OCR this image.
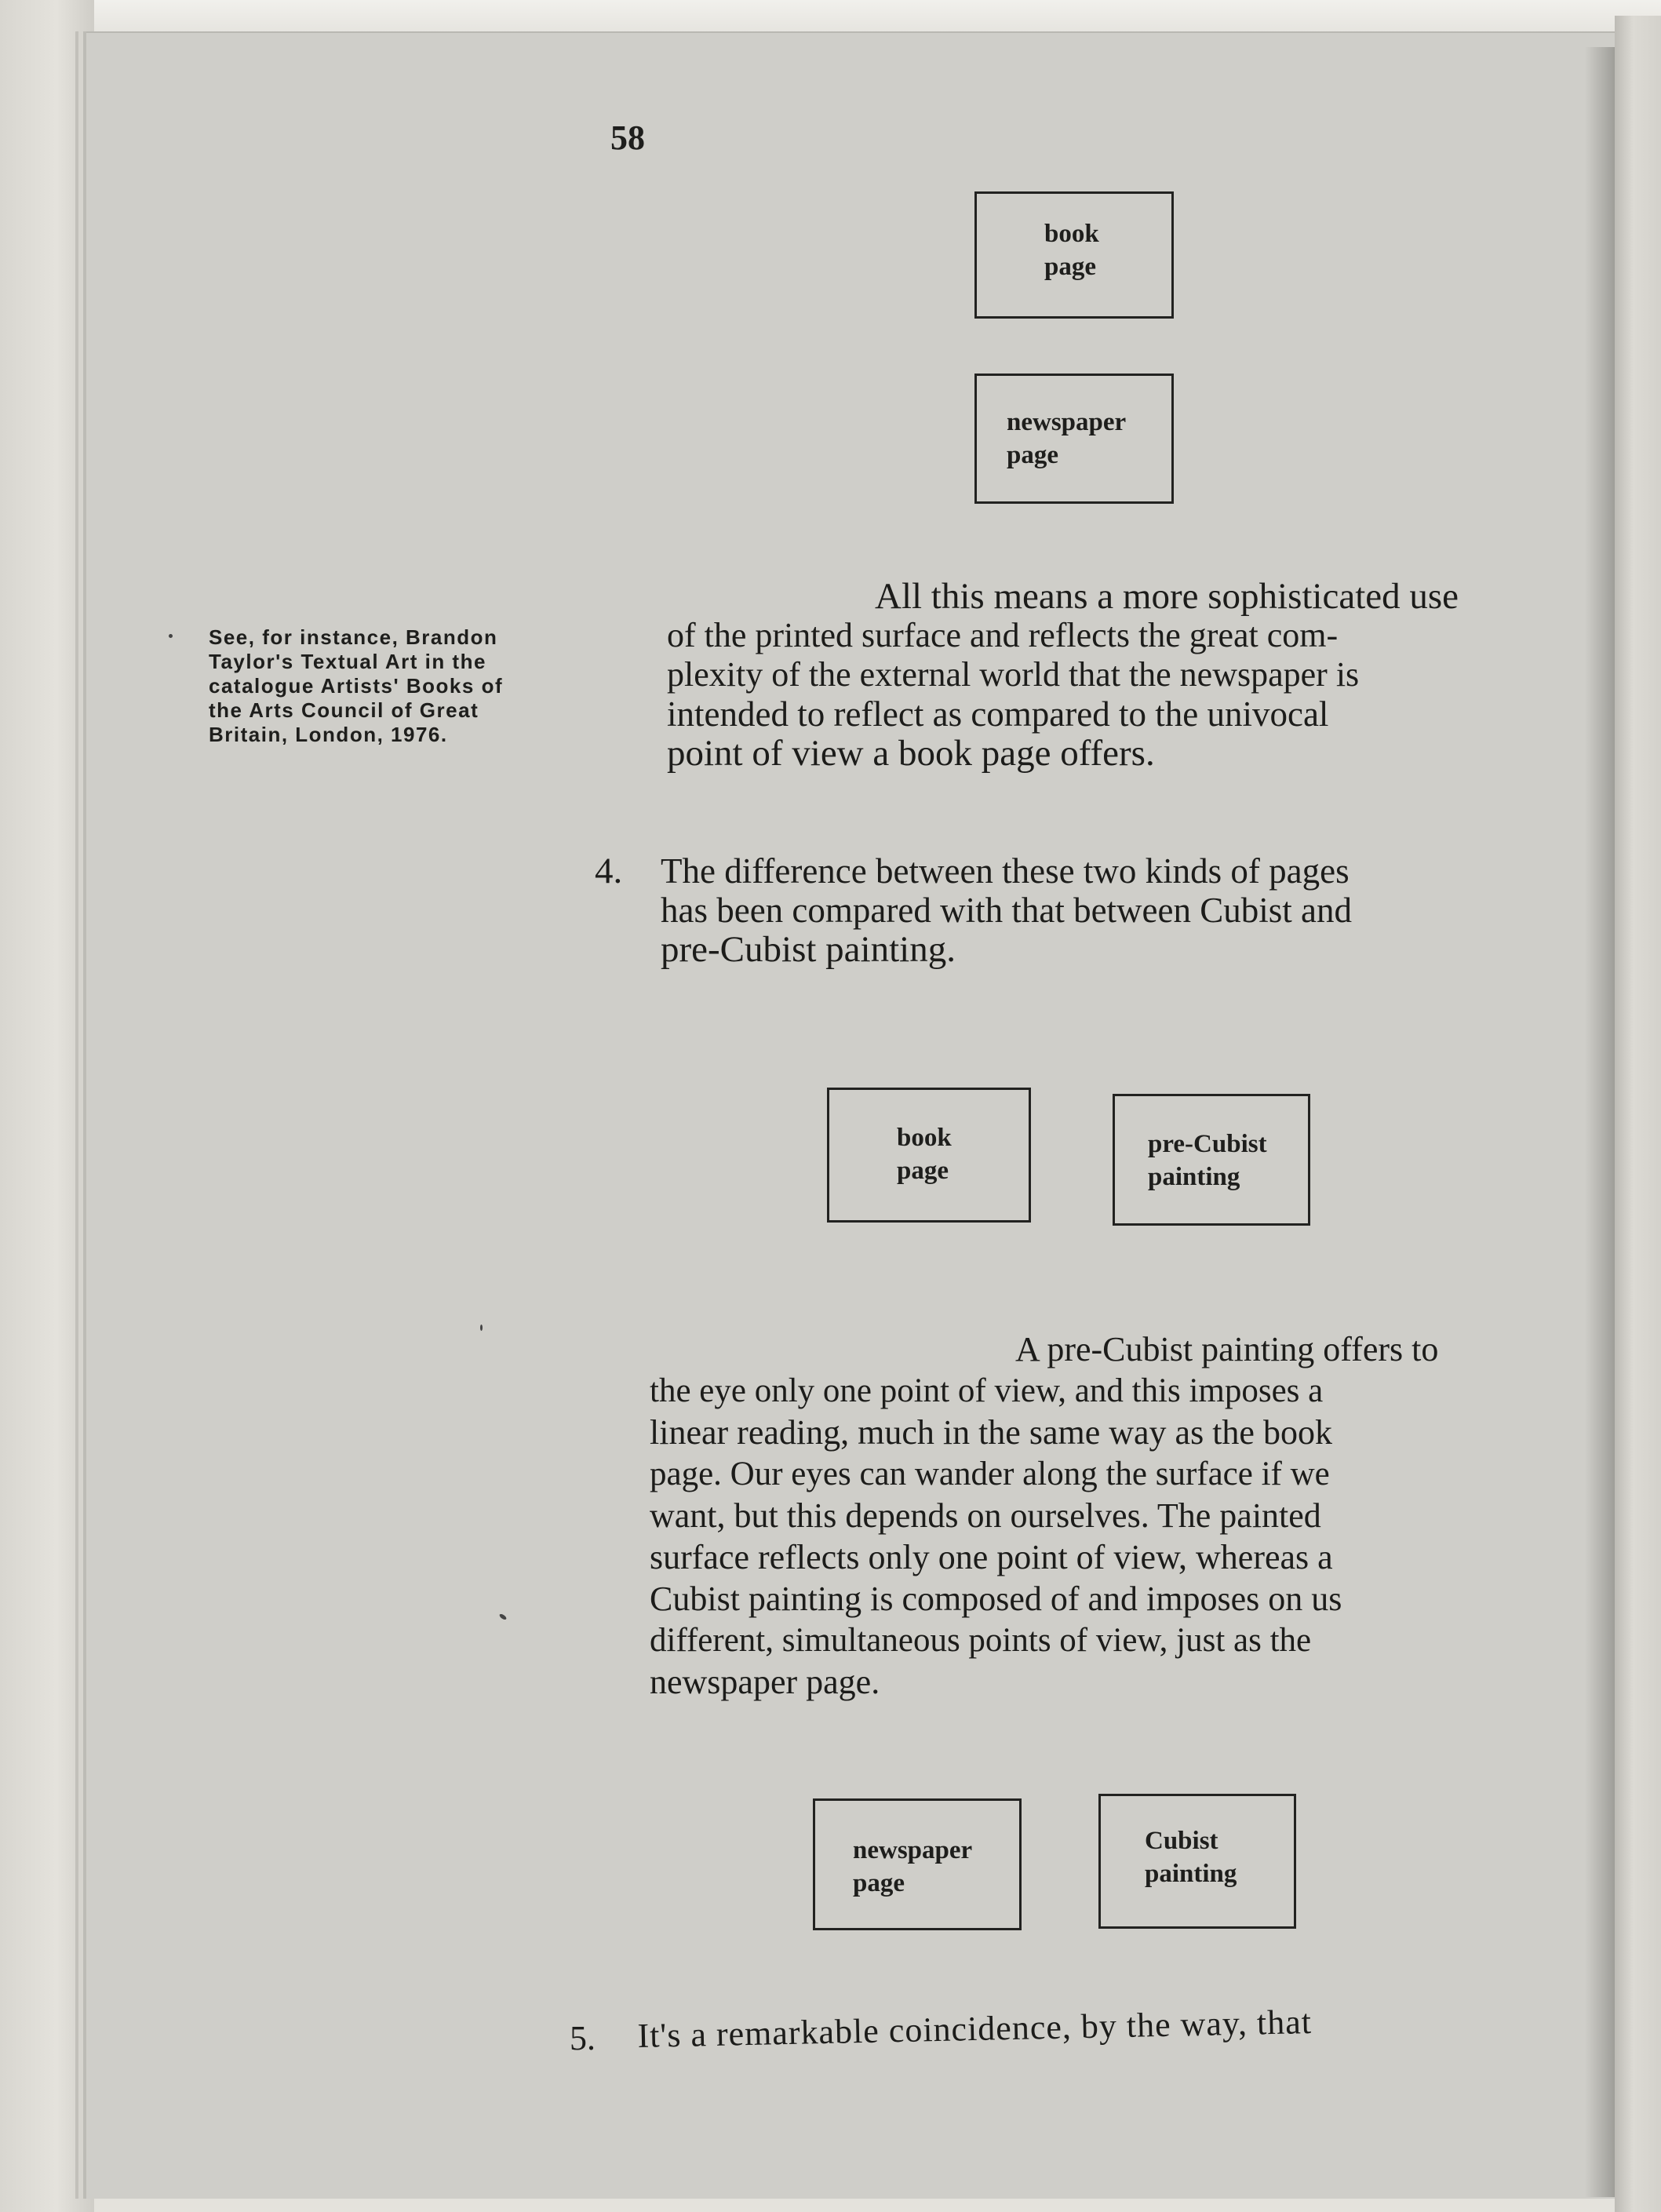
58
book
page
newspaper
page
See, for instance, Brandon
Taylor's Textual Art in the
catalogue Artists' Books of
the Arts Council of Great
Britain, London, 1976.
All this means a more sophisticated use
of the printed surface and reflects the great com-
plexity of the external world that the newspaper is
intended to reflect as compared to the univocal
point of view a book page offers.
4. The difference between these two kinds of pages
has been compared with that between Cubist and
pre-Cubist painting.
book
page
pre-Cubist
painting
A pre-Cubist painting offers to
the eye only one point of view, and this imposes a
linear reading, much in the same way as the book
page. Our eyes can wander along the surface if we
want, but this depends on ourselves. The painted
surface reflects only one point of view, whereas a
Cubist painting is composed of and imposes on us
different, simultaneous points of view, just as the
newspaper page.
newspaper
page
Cubist
painting
5. It's a remarkable coincidence, by the way, that
